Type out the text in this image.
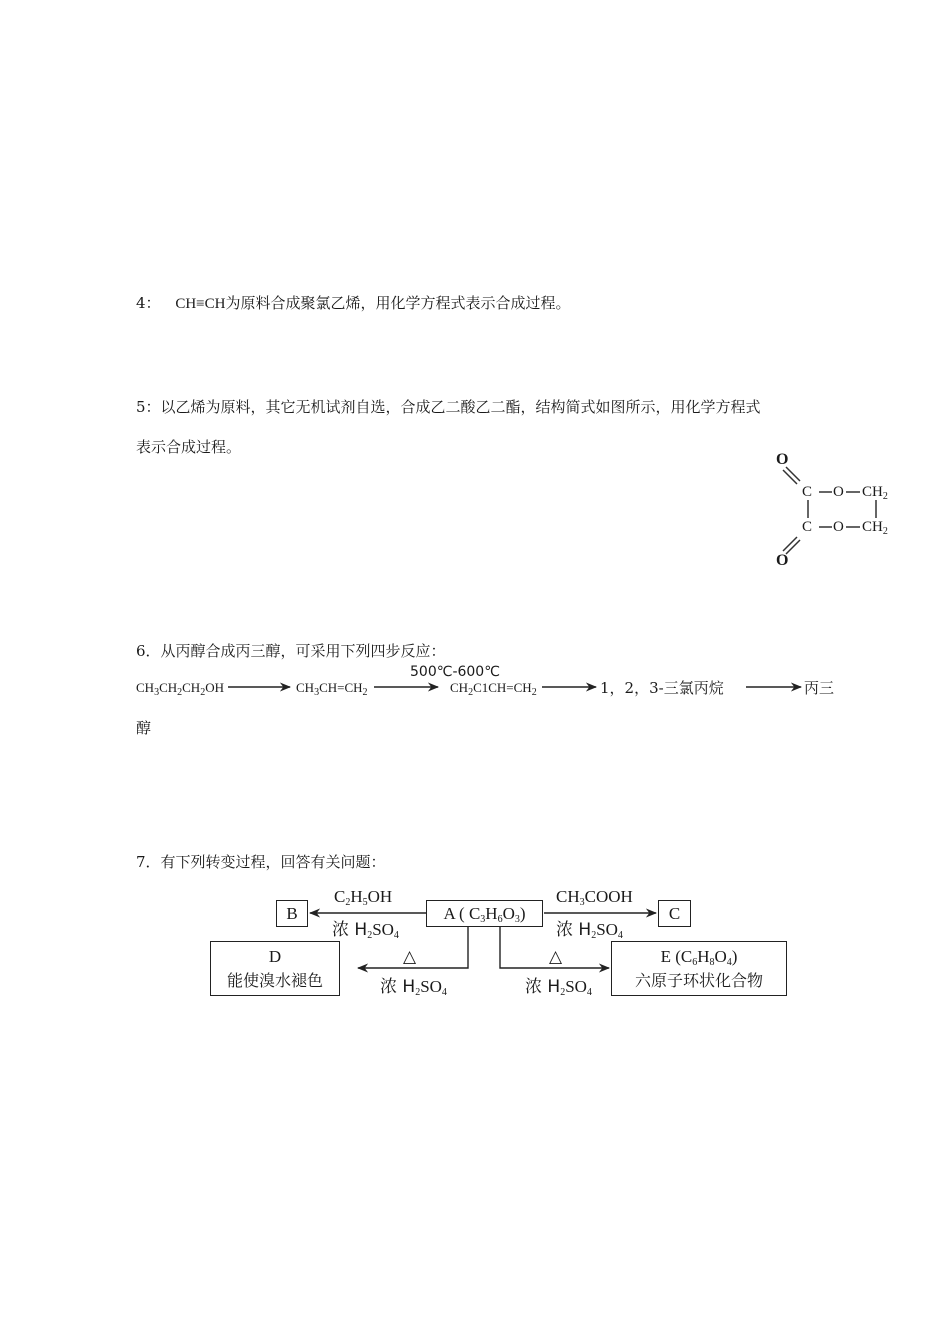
4： CH≡CH为原料合成聚氯乙烯，用化学方程式表示合成过程。
5：以乙烯为原料，其它无机试剂自选，合成乙二酸乙二酯，结构简式如图所示，用化学方程式
表示合成过程。
O
C O $CH_2$
C O $CH_2$
O
6．从丙醇合成丙三醇，可采用下列四步反应：
$CH_3CH_2CH_2OH$	$CH_3CH=CH_2$
500℃-600℃
$CH_2C1CH=CH_2$	1，2，3-三氯丙烷	丙三
醇
7．有下列转变过程，回答有关问题：
B	A ( $C_3H_6O_3$)	C
D
能使溴水褪色
E $(C_6H_8O_4)$
六原子环状化合物
$C_2H_5OH$
浓 $H_2SO_4$
$CH_3COOH$
浓 $H_2SO_4$
△
浓 $H_2SO_4$
△
浓 $H_2SO_4$
